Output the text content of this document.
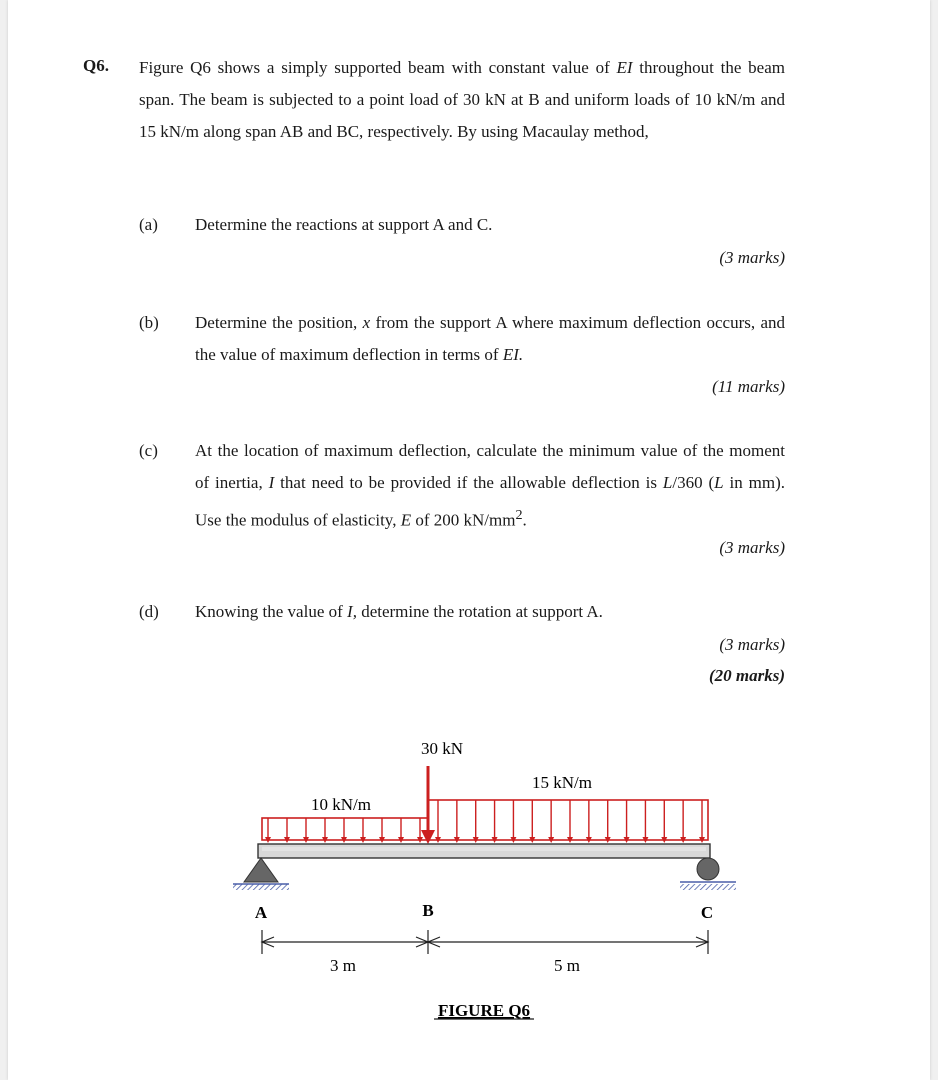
Q6. Figure Q6 shows a simply supported beam with constant value of EI throughout the beam span. The beam is subjected to a point load of 30 kN at B and uniform loads of 10 kN/m and 15 kN/m along span AB and BC, respectively. By using Macaulay method,
(a) Determine the reactions at support A and C.
(3 marks)
(b) Determine the position, x from the support A where maximum deflection occurs, and the value of maximum deflection in terms of EI.
(11 marks)
(c) At the location of maximum deflection, calculate the minimum value of the moment of inertia, I that need to be provided if the allowable deflection is L/360 (L in mm). Use the modulus of elasticity, E of 200 $kN/mm^2$.
(3 marks)
(d) Knowing the value of I, determine the rotation at support A.
(3 marks)
(20 marks)
30 kN
10 kN/m
15 kN/m
A	B	C
3 m	5 m
FIGURE Q6
